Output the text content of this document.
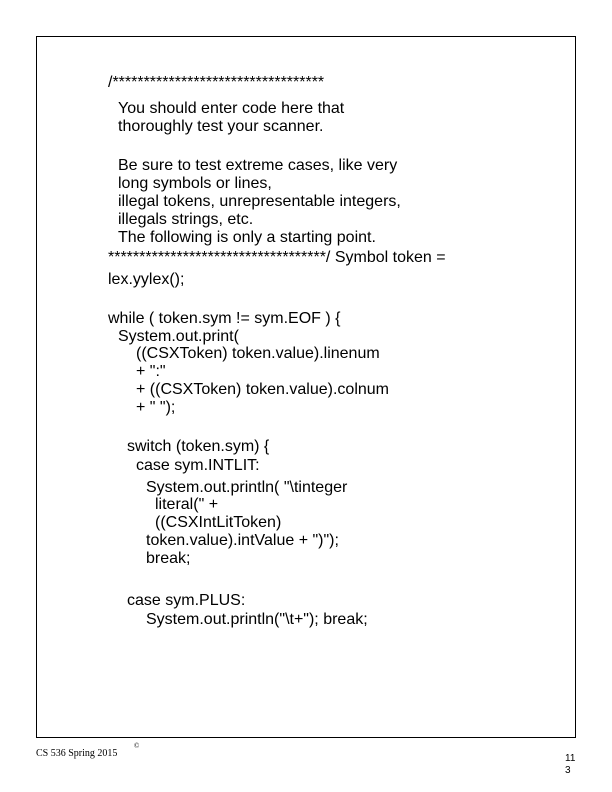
/**********************************
You should enter code here that
thoroughly test your scanner.
Be sure to test extreme cases, like very
long symbols or lines,
illegal tokens, unrepresentable integers,
illegals strings, etc.
The following is only a starting point.
***********************************/ Symbol token =
lex.yylex();
while ( token.sym != sym.EOF ) {
System.out.print(
((CSXToken) token.value).linenum
+ ":"
+ ((CSXToken) token.value).colnum
+ " ");
switch (token.sym) {
case sym.INTLIT:
System.out.println( "\tinteger
literal(" +
((CSXIntLitToken)
token.value).intValue + ")");
break;
case sym.PLUS:
System.out.println("\t+"); break;
CS 536 Spring 2015
©
11
3
